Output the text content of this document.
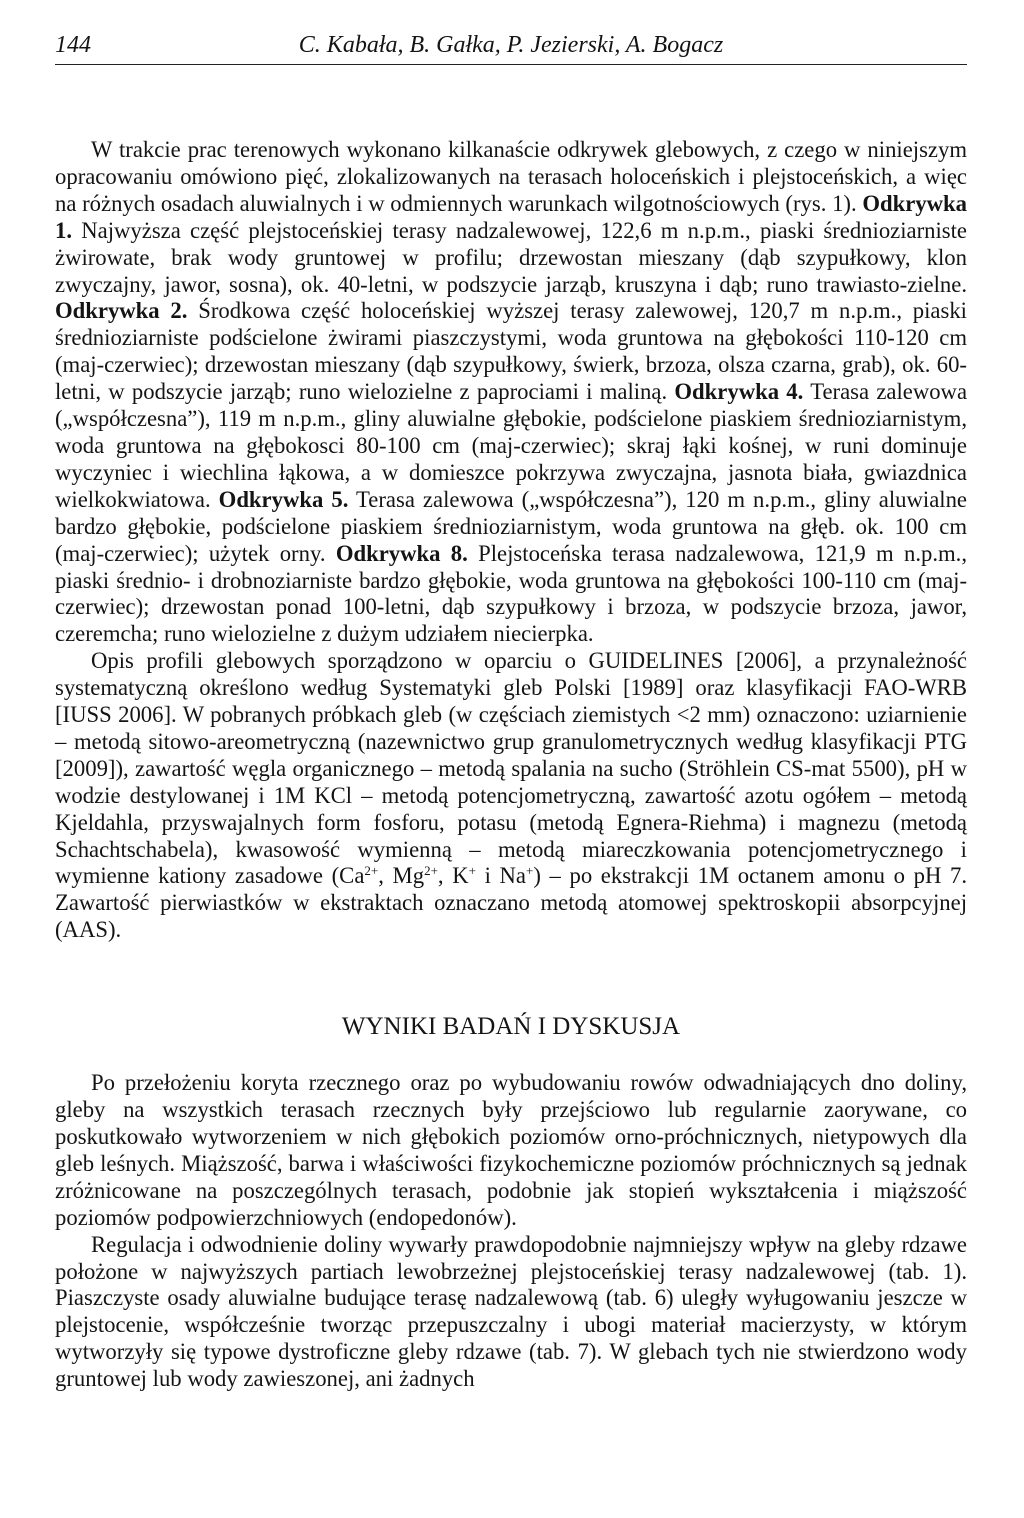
144	C. Kabała, B. Gałka, P. Jezierski, A. Bogacz

W trakcie prac terenowych wykonano kilkanaście odkrywek glebowych, z czego w niniejszym opracowaniu omówiono pięć, zlokalizowanych na terasach holoceńskich i plejstoceńskich, a więc na różnych osadach aluwialnych i w odmiennych warunkach wilgotnościowych (rys. 1). Odkrywka 1. Najwyższa część plejstoceńskiej terasy nadzalewowej, 122,6 m n.p.m., piaski średnioziarniste żwirowate, brak wody gruntowej w profilu; drzewostan mieszany (dąb szypułkowy, klon zwyczajny, jawor, sosna), ok. 40-letni, w podszycie jarząb, kruszyna i dąb; runo trawiasto-zielne. Odkrywka 2. Środkowa część holoceńskiej wyższej terasy zalewowej, 120,7 m n.p.m., piaski średnioziarniste podścielone żwirami piaszczystymi, woda gruntowa na głębokości 110-120 cm (maj-czerwiec); drzewostan mieszany (dąb szypułkowy, świerk, brzoza, olsza czarna, grab), ok. 60-letni, w podszycie jarząb; runo wielozielne z paprociami i maliną. Odkrywka 4. Terasa zalewowa („współczesna”), 119 m n.p.m., gliny aluwialne głębokie, podścielone piaskiem średnioziarnistym, woda gruntowa na głębokosci 80-100 cm (maj-czerwiec); skraj łąki kośnej, w runi dominuje wyczyniec i wiechlina łąkowa, a w domieszce pokrzywa zwyczajna, jasnota biała, gwiazdnica wielkokwiatowa. Odkrywka 5. Terasa zalewowa („współczesna”), 120 m n.p.m., gliny aluwialne bardzo głębokie, podścielone piaskiem średnioziarnistym, woda gruntowa na głęb. ok. 100 cm (maj-czerwiec); użytek orny. Odkrywka 8. Plejstoceńska terasa nadzalewowa, 121,9 m n.p.m., piaski średnio- i drobnoziarniste bardzo głębokie, woda gruntowa na głębokości 100-110 cm (maj-czerwiec); drzewostan ponad 100-letni, dąb szypułkowy i brzoza, w podszycie brzoza, jawor, czeremcha; runo wielozielne z dużym udziałem niecierpka.

Opis profili glebowych sporządzono w oparciu o GUIDELINES [2006], a przynależność systematyczną określono według Systematyki gleb Polski [1989] oraz klasyfikacji FAO-WRB [IUSS 2006]. W pobranych próbkach gleb (w częściach ziemistych <2 mm) oznaczono: uziarnienie – metodą sitowo-areometryczną (nazewnictwo grup granulometrycznych według klasyfikacji PTG [2009]), zawartość węgla organicznego – metodą spalania na sucho (Ströhlein CS-mat 5500), pH w wodzie destylowanej i 1M KCl – metodą potencjometryczną, zawartość azotu ogółem – metodą Kjeldahla, przyswajalnych form fosforu, potasu (metodą Egnera-Riehma) i magnezu (metodą Schachtschabela), kwasowość wymienną – metodą miareczkowania potencjometrycznego i wymienne kationy zasadowe ($Ca^{2+}$, $Mg^{2+}$, K+ i Na+) – po ekstrakcji 1M octanem amonu o pH 7. Zawartość pierwiastków w ekstraktach oznaczano metodą atomowej spektroskopii absorpcyjnej (AAS).

WYNIKI BADAŃ I DYSKUSJA

Po przełożeniu koryta rzecznego oraz po wybudowaniu rowów odwadniających dno doliny, gleby na wszystkich terasach rzecznych były przejściowo lub regularnie zaorywane, co poskutkowało wytworzeniem w nich głębokich poziomów orno-próchnicznych, nietypowych dla gleb leśnych. Miąższość, barwa i właściwości fizykochemiczne poziomów próchnicznych są jednak zróżnicowane na poszczególnych terasach, podobnie jak stopień wykształcenia i miąższość poziomów podpowierzchniowych (endopedonów).

Regulacja i odwodnienie doliny wywarły prawdopodobnie najmniejszy wpływ na gleby rdzawe położone w najwyższych partiach lewobrzeżnej plejstoceńskiej terasy nadzalewowej (tab. 1). Piaszczyste osady aluwialne budujące terasę nadzalewową (tab. 6) uległy wyługowaniu jeszcze w plejstocenie, współcześnie tworząc przepuszczalny i ubogi materiał macierzysty, w którym wytworzyły się typowe dystroficzne gleby rdzawe (tab. 7). W glebach tych nie stwierdzono wody gruntowej lub wody zawieszonej, ani żadnych
